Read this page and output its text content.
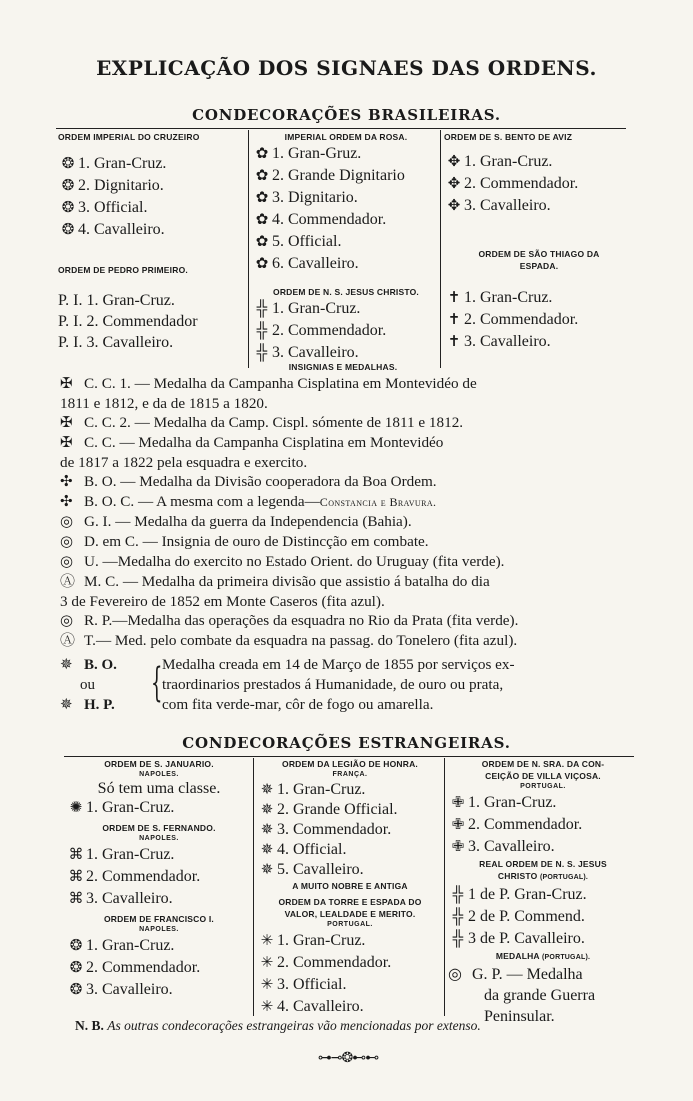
EXPLICAÇÃO DOS SIGNAES DAS ORDENS.
CONDECORAÇÕES BRASILEIRAS.
ORDEM IMPERIAL DO CRUZEIRO
❂ 1. Gran-Cruz.
❂ 2. Dignitario.
❂ 3. Official.
❂ 4. Cavalleiro.
ORDEM DE PEDRO PRIMEIRO.
P. I. 1. Gran-Cruz.
P. I. 2. Commendador
P. I. 3. Cavalleiro.
IMPERIAL ORDEM DA ROSA.
✿ 1. Gran-Gruz.
✿ 2. Grande Dignitario
✿ 3. Dignitario.
✿ 4. Commendador.
✿ 5. Official.
✿ 6. Cavalleiro.
ORDEM DE N. S. JESUS CHRISTO.
╬ 1. Gran-Cruz.
╬ 2. Commendador.
╬ 3. Cavalleiro.
ORDEM DE S. BENTO DE AVIZ
✥ 1. Gran-Cruz.
✥ 2. Commendador.
✥ 3. Cavalleiro.
ORDEM DE SÃO THIAGO DA
ESPADA.
✝ 1. Gran-Cruz.
✝ 2. Commendador.
✝ 3. Cavalleiro.
INSIGNIAS E MEDALHAS.
✠ C. C. 1. — Medalha da Campanha Cisplatina em Montevidéo de
1811 e 1812, e da de 1815 a 1820.
✠ C. C. 2. — Medalha da Camp. Cispl. sómente de 1811 e 1812.
✠ C. C. — Medalha da Campanha Cisplatina em Montevidéo
de 1817 a 1822 pela esquadra e exercito.
✣ B. O. — Medalha da Divisão cooperadora da Boa Ordem.
✣ B. O. C. — A mesma com a legenda—Constancia e Bravura.
◎ G. I. — Medalha da guerra da Independencia (Bahia).
◎ D. em C. — Insignia de ouro de Distincção em combate.
◎ U. —Medalha do exercito no Estado Orient. do Uruguay (fita verde).
Ⓐ M. C. — Medalha da primeira divisão que assistio á batalha do dia
3 de Fevereiro de 1852 em Monte Caseros (fita azul).
◎ R. P.—Medalha das operações da esquadra no Rio da Prata (fita verde).
Ⓐ T.— Med. pelo combate da esquadra na passag. do Tonelero (fita azul).
✵ B. O.
ou
✵ H. P. { Medalha creada em 14 de Março de 1855 por serviços ex-
traordinarios prestados á Humanidade, de ouro ou prata,
com fita verde-mar, côr de fogo ou amarella.
CONDECORAÇÕES ESTRANGEIRAS.
ORDEM DE S. JANUARIO.
NAPOLES.
Só tem uma classe.
✺ 1. Gran-Cruz.
ORDEM DE S. FERNANDO.
NAPOLES.
⌘ 1. Gran-Cruz.
⌘ 2. Commendador.
⌘ 3. Cavalleiro.
ORDEM DE FRANCISCO I.
NAPOLES.
❂ 1. Gran-Cruz.
❂ 2. Commendador.
❂ 3. Cavalleiro.
ORDEM DA LEGIÃO DE HONRA.
FRANÇA.
✵ 1. Gran-Cruz.
✵ 2. Grande Official.
✵ 3. Commendador.
✵ 4. Official.
✵ 5. Cavalleiro.
A MUITO NOBRE E ANTIGA
ORDEM DA TORRE E ESPADA DO
VALOR, LEALDADE E MERITO.
PORTUGAL.
✳ 1. Gran-Cruz.
✳ 2. Commendador.
✳ 3. Official.
✳ 4. Cavalleiro.
ORDEM DE N. SRA. DA CON-
CEIÇÃO DE VILLA VIÇOSA.
PORTUGAL.
✙ 1. Gran-Cruz.
✙ 2. Commendador.
✙ 3. Cavalleiro.
REAL ORDEM DE N. S. JESUS
CHRISTO (PORTUGAL).
╬ 1 de P. Gran-Cruz.
╬ 2 de P. Commend.
╬ 3 de P. Cavalleiro.
MEDALHA (PORTUGAL).
◎ G. P. — Medalha
da grande Guerra
Peninsular.
N. B. As outras condecorações estrangeiras vão mencionadas por extenso.
⊶⊸❂⊷⊷
